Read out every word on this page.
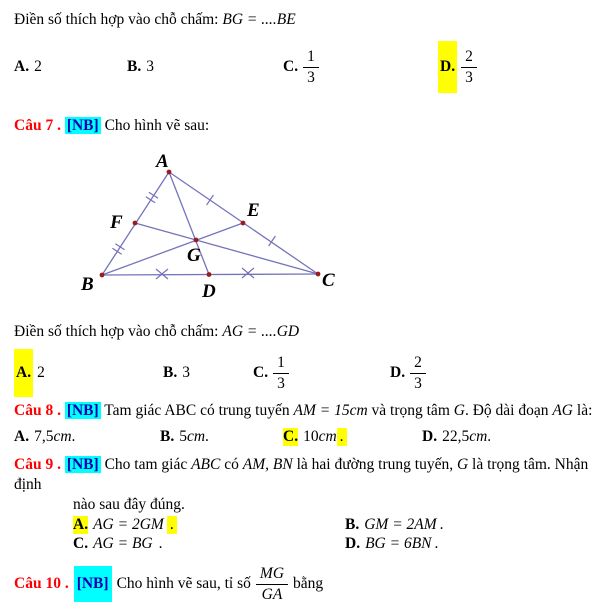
Điền số thích hợp vào chỗ chấm: BG = ....BE
A. 2	B. 3	C. $\frac{1}{3}$	D. $\frac{2}{3}$
Câu 7 . [NB] Cho hình vẽ sau:
A
B	C
D
E
F
G
Điền số thích hợp vào chỗ chấm: AG = ....GD
A. 2	B. 3	C. $\frac{1}{3}$	D. $\frac{2}{3}$
Câu 8 . [NB] Tam giác ABC có trung tuyến AM = 15cm và trọng tâm G. Độ dài đoạn AG là:
A. 7,5 cm .	B. 5 cm .	C. 10 cm .	D. 22,5 cm .
Câu 9 . [NB] Cho tam giác ABC có AM, BN là hai đường trung tuyến, G là trọng tâm. Nhận định
nào sau đây đúng.
A. AG = 2GM .	B. GM = 2AM .
C. AG = BG .	D. BG = 6BN .
Câu 10 . [NB] Cho hình vẽ sau, tỉ số $\frac{MG}{GA}$ bằng
